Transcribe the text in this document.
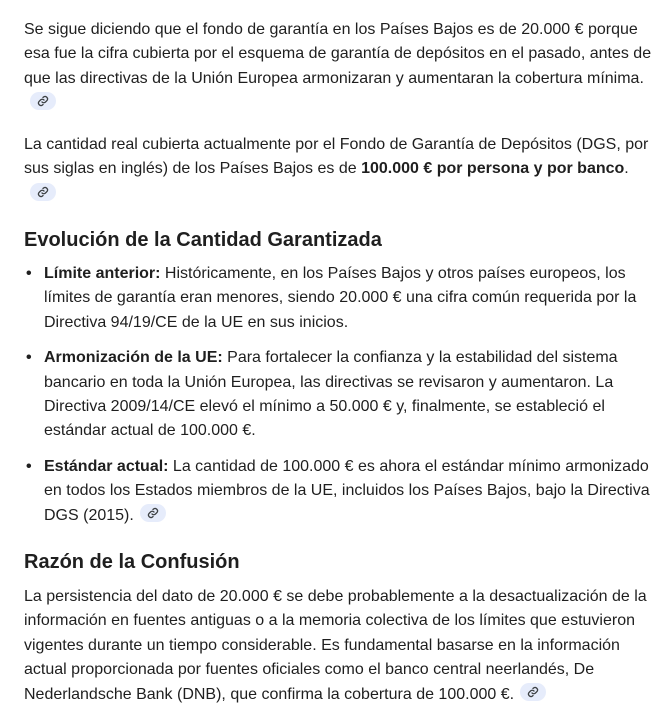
Se sigue diciendo que el fondo de garantía en los Países Bajos es de 20.000 € porque esa fue la cifra cubierta por el esquema de garantía de depósitos en el pasado, antes de que las directivas de la Unión Europea armonizaran y aumentaran la cobertura mínima.

La cantidad real cubierta actualmente por el Fondo de Garantía de Depósitos (DGS, por sus siglas en inglés) de los Países Bajos es de 100.000 € por persona y por banco.

Evolución de la Cantidad Garantizada
• Límite anterior: Históricamente, en los Países Bajos y otros países europeos, los límites de garantía eran menores, siendo 20.000 € una cifra común requerida por la Directiva 94/19/CE de la UE en sus inicios.
• Armonización de la UE: Para fortalecer la confianza y la estabilidad del sistema bancario en toda la Unión Europea, las directivas se revisaron y aumentaron. La Directiva 2009/14/CE elevó el mínimo a 50.000 € y, finalmente, se estableció el estándar actual de 100.000 €.
• Estándar actual: La cantidad de 100.000 € es ahora el estándar mínimo armonizado en todos los Estados miembros de la UE, incluidos los Países Bajos, bajo la Directiva DGS (2015).
Razón de la Confusión

La persistencia del dato de 20.000 € se debe probablemente a la desactualización de la información en fuentes antiguas o a la memoria colectiva de los límites que estuvieron vigentes durante un tiempo considerable. Es fundamental basarse en la información actual proporcionada por fuentes oficiales como el banco central neerlandés, De Nederlandsche Bank (DNB), que confirma la cobertura de 100.000 €.
